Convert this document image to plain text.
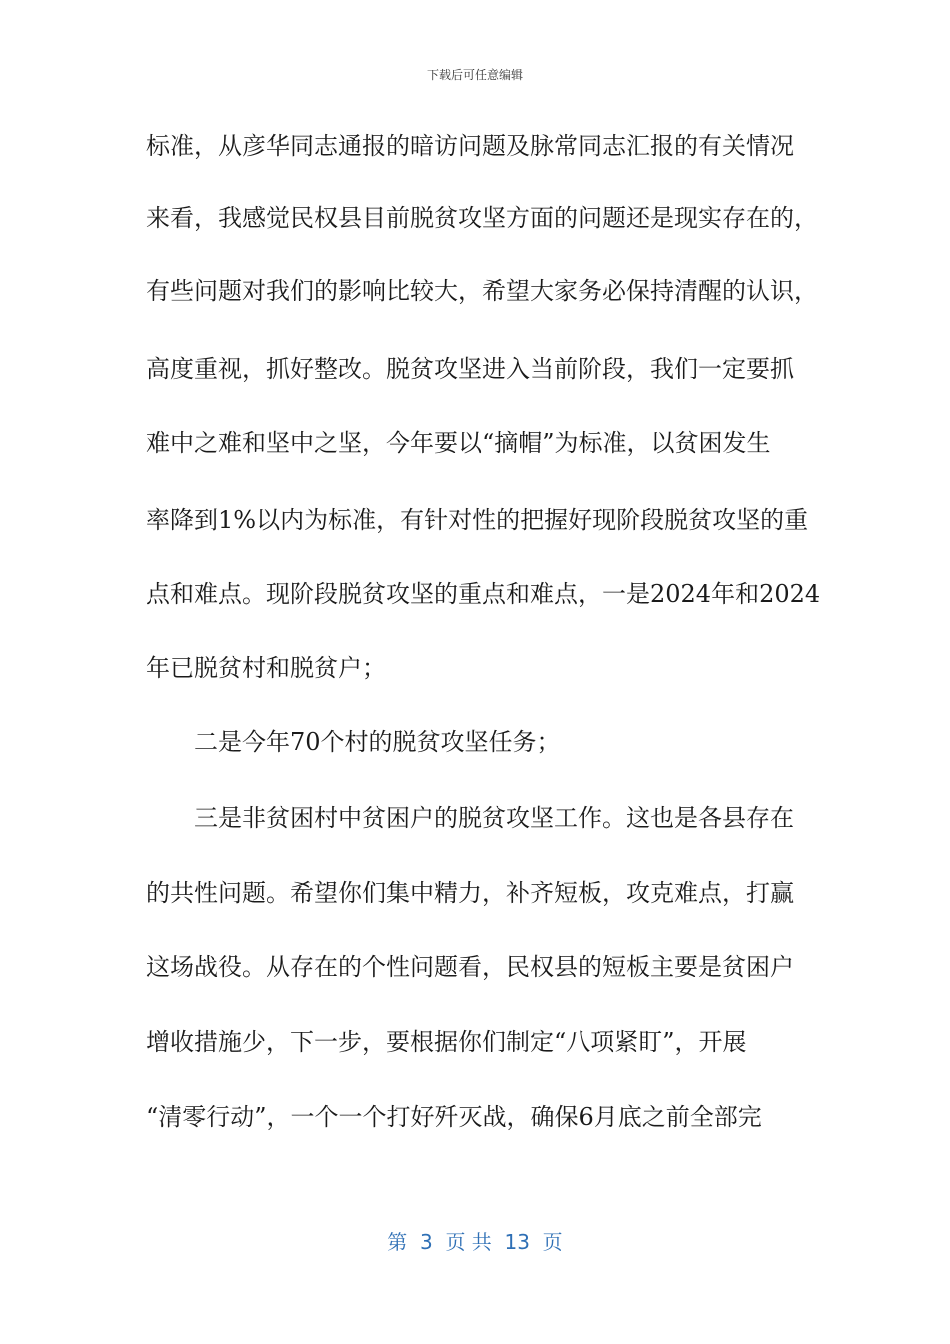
下载后可任意编辑
标准，从彦华同志通报的暗访问题及脉常同志汇报的有关情况
来看，我感觉民权县目前脱贫攻坚方面的问题还是现实存在的，
有些问题对我们的影响比较大，希望大家务必保持清醒的认识，
高度重视，抓好整改。脱贫攻坚进入当前阶段，我们一定要抓
难中之难和坚中之坚，今年要以“摘帽”为标准，以贫困发生
率降到1%以内为标准，有针对性的把握好现阶段脱贫攻坚的重
点和难点。现阶段脱贫攻坚的重点和难点，一是2024年和2024
年已脱贫村和脱贫户；
二是今年70个村的脱贫攻坚任务；
三是非贫困村中贫困户的脱贫攻坚工作。这也是各县存在
的共性问题。希望你们集中精力，补齐短板，攻克难点，打赢
这场战役。从存在的个性问题看，民权县的短板主要是贫困户
增收措施少，下一步，要根据你们制定“八项紧盯”，开展
“清零行动”，一个一个打好歼灭战，确保6月底之前全部完
第  3  页 共  13  页
